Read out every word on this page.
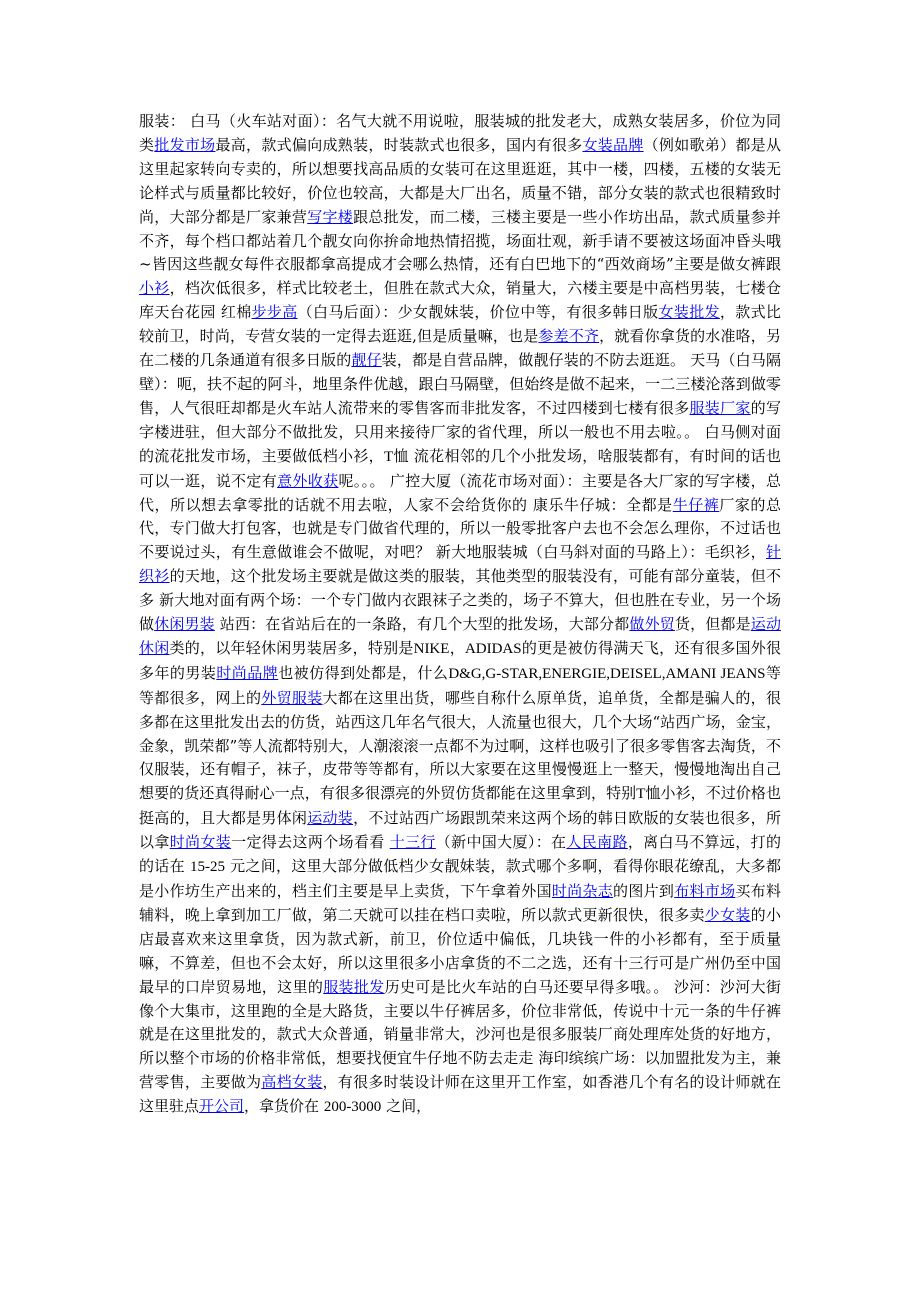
服装： 白马（火车站对面）：名气大就不用说啦，服装城的批发老大，成熟女装居多，价位为同类批发市场最高，款式偏向成熟装，时装款式也很多，国内有很多女装品牌（例如歌弟）都是从这里起家转向专卖的，所以想要找高品质的女装可在这里逛逛，其中一楼，四楼，五楼的女装无论样式与质量都比较好，价位也较高，大都是大厂出名，质量不错，部分女装的款式也很精致时尚，大部分都是厂家兼营写字楼跟总批发，而二楼，三楼主要是一些小作坊出品，款式质量参并不齐，每个档口都站着几个靓女向你拚命地热情招揽，场面壮观，新手请不要被这场面冲昏头哦~皆因这些靓女每件衣服都拿高提成才会哪么热情，还有白巴地下的“西效商场”主要是做女裤跟小衫，档次低很多，样式比较老土，但胜在款式大众，销量大，六楼主要是中高档男装，七楼仓库天台花园 红棉步步高（白马后面）：少女靓妹装，价位中等，有很多韩日版女装批发，款式比较前卫，时尚，专营女装的一定得去逛逛,但是质量嘛，也是参差不齐，就看你拿货的水准咯，另在二楼的几条通道有很多日版的靓仔装，都是自营品牌，做靓仔装的不防去逛逛。 天马（白马隔壁）：呃，扶不起的阿斗，地里条件优越，跟白马隔壁，但始终是做不起来，一二三楼沦落到做零售，人气很旺却都是火车站人流带来的零售客而非批发客，不过四楼到七楼有很多服装厂家的写字楼进驻，但大部分不做批发，只用来接待厂家的省代理，所以一般也不用去啦。。 白马侧对面的流花批发市场，主要做低档小衫，T恤 流花相邻的几个小批发场，啥服装都有，有时间的话也可以一逛，说不定有意外收获呢。。。 广控大厦（流花市场对面）：主要是各大厂家的写字楼，总代，所以想去拿零批的话就不用去啦，人家不会给货你的 康乐牛仔城：全都是牛仔裤厂家的总代，专门做大打包客，也就是专门做省代理的，所以一般零批客户去也不会怎么理你，不过话也不要说过头，有生意做谁会不做呢，对吧？ 新大地服装城（白马斜对面的马路上）：毛织衫，针织衫的天地，这个批发场主要就是做这类的服装，其他类型的服装没有，可能有部分童装，但不多 新大地对面有两个场：一个专门做内衣跟袜子之类的，场子不算大，但也胜在专业，另一个场做休闲男装 站西：在省站后在的一条路，有几个大型的批发场，大部分都做外贸货，但都是运动休闲类的，以年轻休闲男装居多，特别是NIKE，ADIDAS的更是被仿得满天飞，还有很多国外很多年的男装时尚品牌也被仿得到处都是，什么D&G,G-STAR,ENERGIE,DEISEL,AMANI JEANS等等都很多，网上的外贸服装大都在这里出货，哪些自称什么原单货，追单货，全都是骗人的，很多都在这里批发出去的仿货，站西这几年名气很大，人流量也很大，几个大场“站西广场，金宝，金象，凯荣都”等人流都特别大，人潮滚滚一点都不为过啊，这样也吸引了很多零售客去淘货，不仅服装，还有帽子，袜子，皮带等等都有，所以大家要在这里慢慢逛上一整天，慢慢地淘出自己想要的货还真得耐心一点，有很多很漂亮的外贸仿货都能在这里拿到，特别T恤小衫，不过价格也挺高的，且大都是男体闲运动装，不过站西广场跟凯荣来这两个场的韩日欧版的女装也很多，所以拿时尚女装一定得去这两个场看看 十三行（新中国大厦）：在人民南路，离白马不算远，打的的话在 15-25 元之间，这里大部分做低档少女靓妹装，款式哪个多啊，看得你眼花缭乱，大多都是小作坊生产出来的，档主们主要是早上卖货，下午拿着外国时尚杂志的图片到布料市场买布料辅料，晚上拿到加工厂做，第二天就可以挂在档口卖啦，所以款式更新很快，很多卖少女装的小店最喜欢来这里拿货，因为款式新，前卫，价位适中偏低，几块钱一件的小衫都有，至于质量嘛，不算差，但也不会太好，所以这里很多小店拿货的不二之选，还有十三行可是广州仍至中国最早的口岸贸易地，这里的服装批发历史可是比火车站的白马还要早得多哦。。 沙河：沙河大街像个大集市，这里跑的全是大路货，主要以牛仔裤居多，价位非常低，传说中十元一条的牛仔裤就是在这里批发的，款式大众普通，销量非常大，沙河也是很多服装厂商处理库处货的好地方，所以整个市场的价格非常低，想要找便宜牛仔地不防去走走 海印缤缤广场：以加盟批发为主，兼营零售，主要做为高档女装，有很多时装设计师在这里开工作室，如香港几个有名的设计师就在这里驻点开公司，拿货价在 200-3000 之间，
